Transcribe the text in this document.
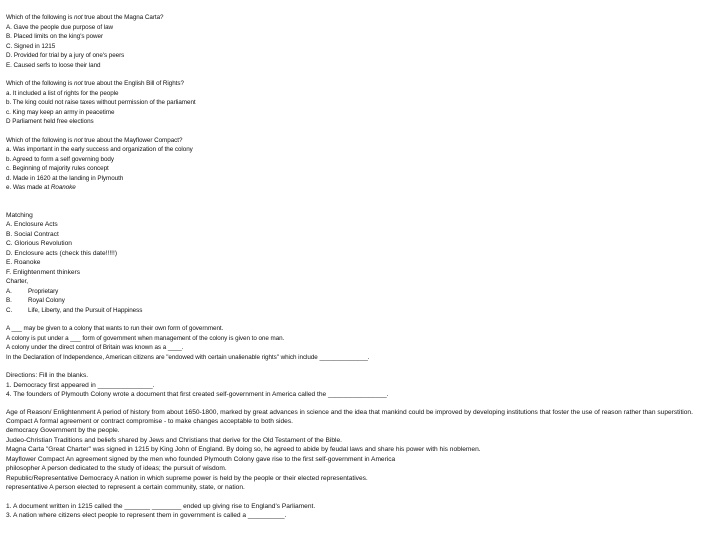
Which of the following is not true about the Magna Carta?
A. Gave the people due purpose of law
B. Placed limits on the king's power
C. Signed in 1215
D. Provided for trial by a jury of one's peers
E. Caused serfs to loose their land
Which of the following is not true about the English Bill of Rights?
a. It included a list of rights for the people
b. The king could not raise taxes without permission of the parliament
c. King may keep an army in peacetime
D Parliament held free elections
Which of the following is not true about the Mayflower Compact?
a. Was important in the early success and organization of the colony
b. Agreed to form a self governing body
c. Beginning of majority rules concept
d. Made in 1620 at the landing in Plymouth
e. Was made at Roanoke
Matching
A. Enclosure Acts
B. Social Contract
C. Glorious Revolution
D. Enclosure acts (check this date!!!!!)
E. Roanoke
F. Enlightenment thinkers
Charter,
A.	Proprietary
B.	Royal Colony
C.	Life, Liberty, and the Pursuit of Happiness
A ___ may be given to a colony that wants to run their own form of government.
A colony is put under a ___ form of government when management of the colony is given to one man.
A colony under the direct control of Britain was known as a ____.
In the Declaration of Independence, American citizens are "endowed with certain unalienable rights" which include ______________.
Directions: Fill in the blanks.
1. Democracy first appeared in _______________.
4. The founders of Plymouth Colony wrote a document that first created self-government in America called the ________________.
Age of Reason/ Enlightenment A period of history from about 1650-1800, marked by great advances in science and the idea that mankind could be improved by developing institutions that foster the use of reason rather than superstition.
Compact A formal agreement or contract compromise - to make changes acceptable to both sides.
democracy Government by the people.
Judeo-Christian Traditions and beliefs shared by Jews and Christians that derive for the Old Testament of the Bible.
Magna Carta "Great Charter" was signed in 1215 by King John of England. By doing so, he agreed to abide by feudal laws and share his power with his noblemen.
Mayflower Compact An agreement signed by the men who founded Plymouth Colony gave rise to the first self-government in America
philosopher A person dedicated to the study of ideas; the pursuit of wisdom.
Republic/Representative Democracy A nation in which supreme power is held by the people or their elected representatives.
representative A person elected to represent a certain community, state, or nation.
1. A document written in 1215 called the _______ ________ ended up giving rise to England's Parliament.
3. A nation where citizens elect people to represent them in government is called a __________.
